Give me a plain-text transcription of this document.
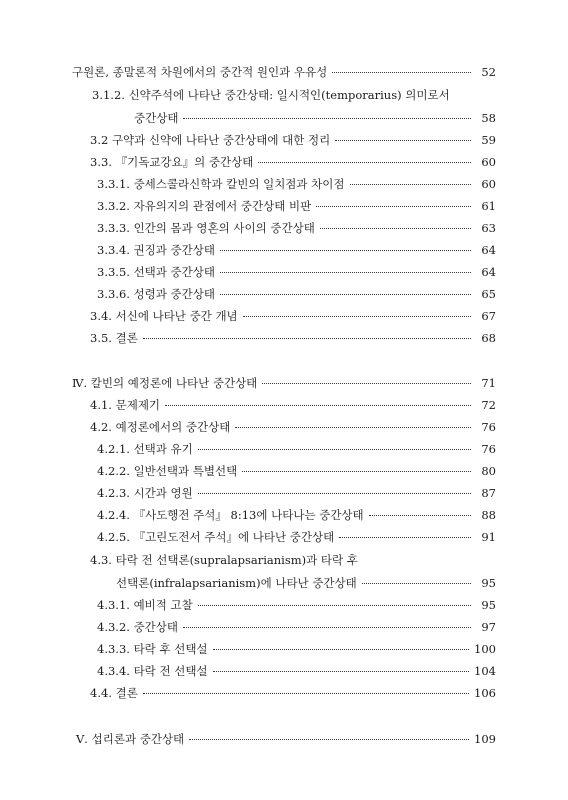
구원론, 종말론적 차원에서의 중간적 원인과 우유성	52
3.1.2. 신약주석에 나타난 중간상태: 일시적인(temporarius) 의미로서
중간상태	58
3.2 구약과 신약에 나타난 중간상태에 대한 정리	59
3.3. 『기독교강요』의 중간상태	60
3.3.1. 중세스콜라신학과 칼빈의 일치점과 차이점	60
3.3.2. 자유의지의 관점에서 중간상태 비판	61
3.3.3. 인간의 몸과 영혼의 사이의 중간상태	63
3.3.4. 권징과 중간상태	64
3.3.5. 선택과 중간상태	64
3.3.6. 성령과 중간상태	65
3.4. 서신에 나타난 중간 개념	67
3.5. 결론	68
Ⅳ. 칼빈의 예정론에 나타난 중간상태	71
4.1. 문제제기	72
4.2. 예정론에서의 중간상태	76
4.2.1. 선택과 유기	76
4.2.2. 일반선택과 특별선택	80
4.2.3. 시간과 영원	87
4.2.4. 『사도행전 주석』 8:13에 나타나는 중간상태	88
4.2.5. 『고린도전서 주석』에 나타난 중간상태	91
4.3. 타락 전 선택론(supralapsarianism)과 타락 후
선택론(infralapsarianism)에 나타난 중간상태	95
4.3.1. 예비적 고찰	95
4.3.2. 중간상태	97
4.3.3. 타락 후 선택설	100
4.3.4. 타락 전 선택설	104
4.4. 결론	106
Ⅴ. 섭리론과 중간상태	109
